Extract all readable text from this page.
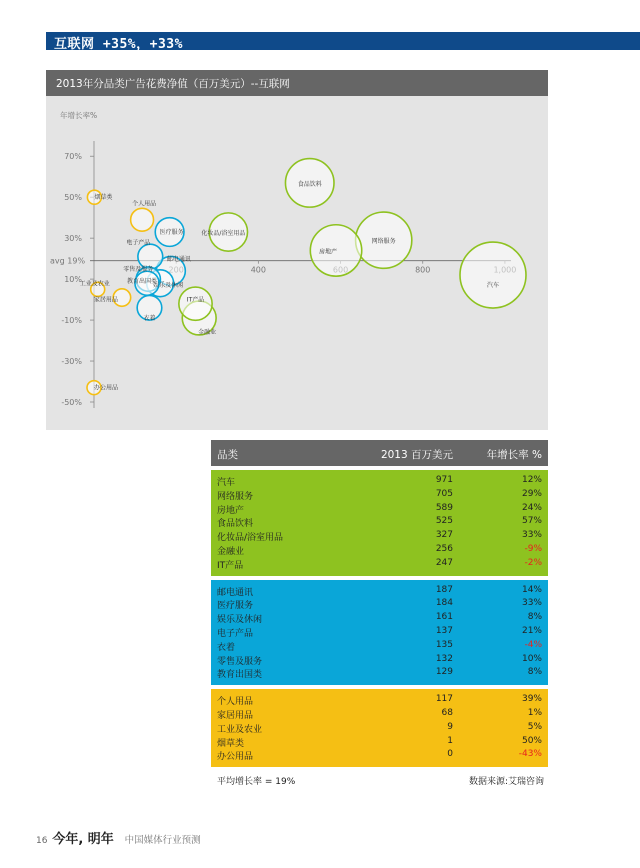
互联网 +35%，+33%
2013年分品类广告花费净值（百万美元）--互联网
年增长率%
70%
50%
30%
10%
-10%
-30%
-50%
avg 19%
400	800
汽车
网络服务
房地产
食品饮料
化妆品/浴室用品
金融业
IT产品
邮电通讯
医疗服务
娱乐及休闲
电子产品
衣着
零售及服务
教育出国类
个人用品
家居用品
工业及农业
烟草类
办公用品
品类	2013 百万美元	年增长率 %
汽车	971	12%
网络服务	705	29%
房地产	589	24%
食品饮料	525	57%
化妆品/浴室用品	327	33%
金融业	256	-9%
IT产品	247	-2%
邮电通讯	187	14%
医疗服务	184	33%
娱乐及休闲	161	8%
电子产品	137	21%
衣着	135	-4%
零售及服务	132	10%
教育出国类	129	8%
个人用品	117	39%
家居用品	68	1%
工业及农业	9	5%
烟草类	1	50%
办公用品	0	-43%
平均增长率 = 19%	数据来源:艾瑞咨询
16 今年, 明年 中国媒体行业预测
